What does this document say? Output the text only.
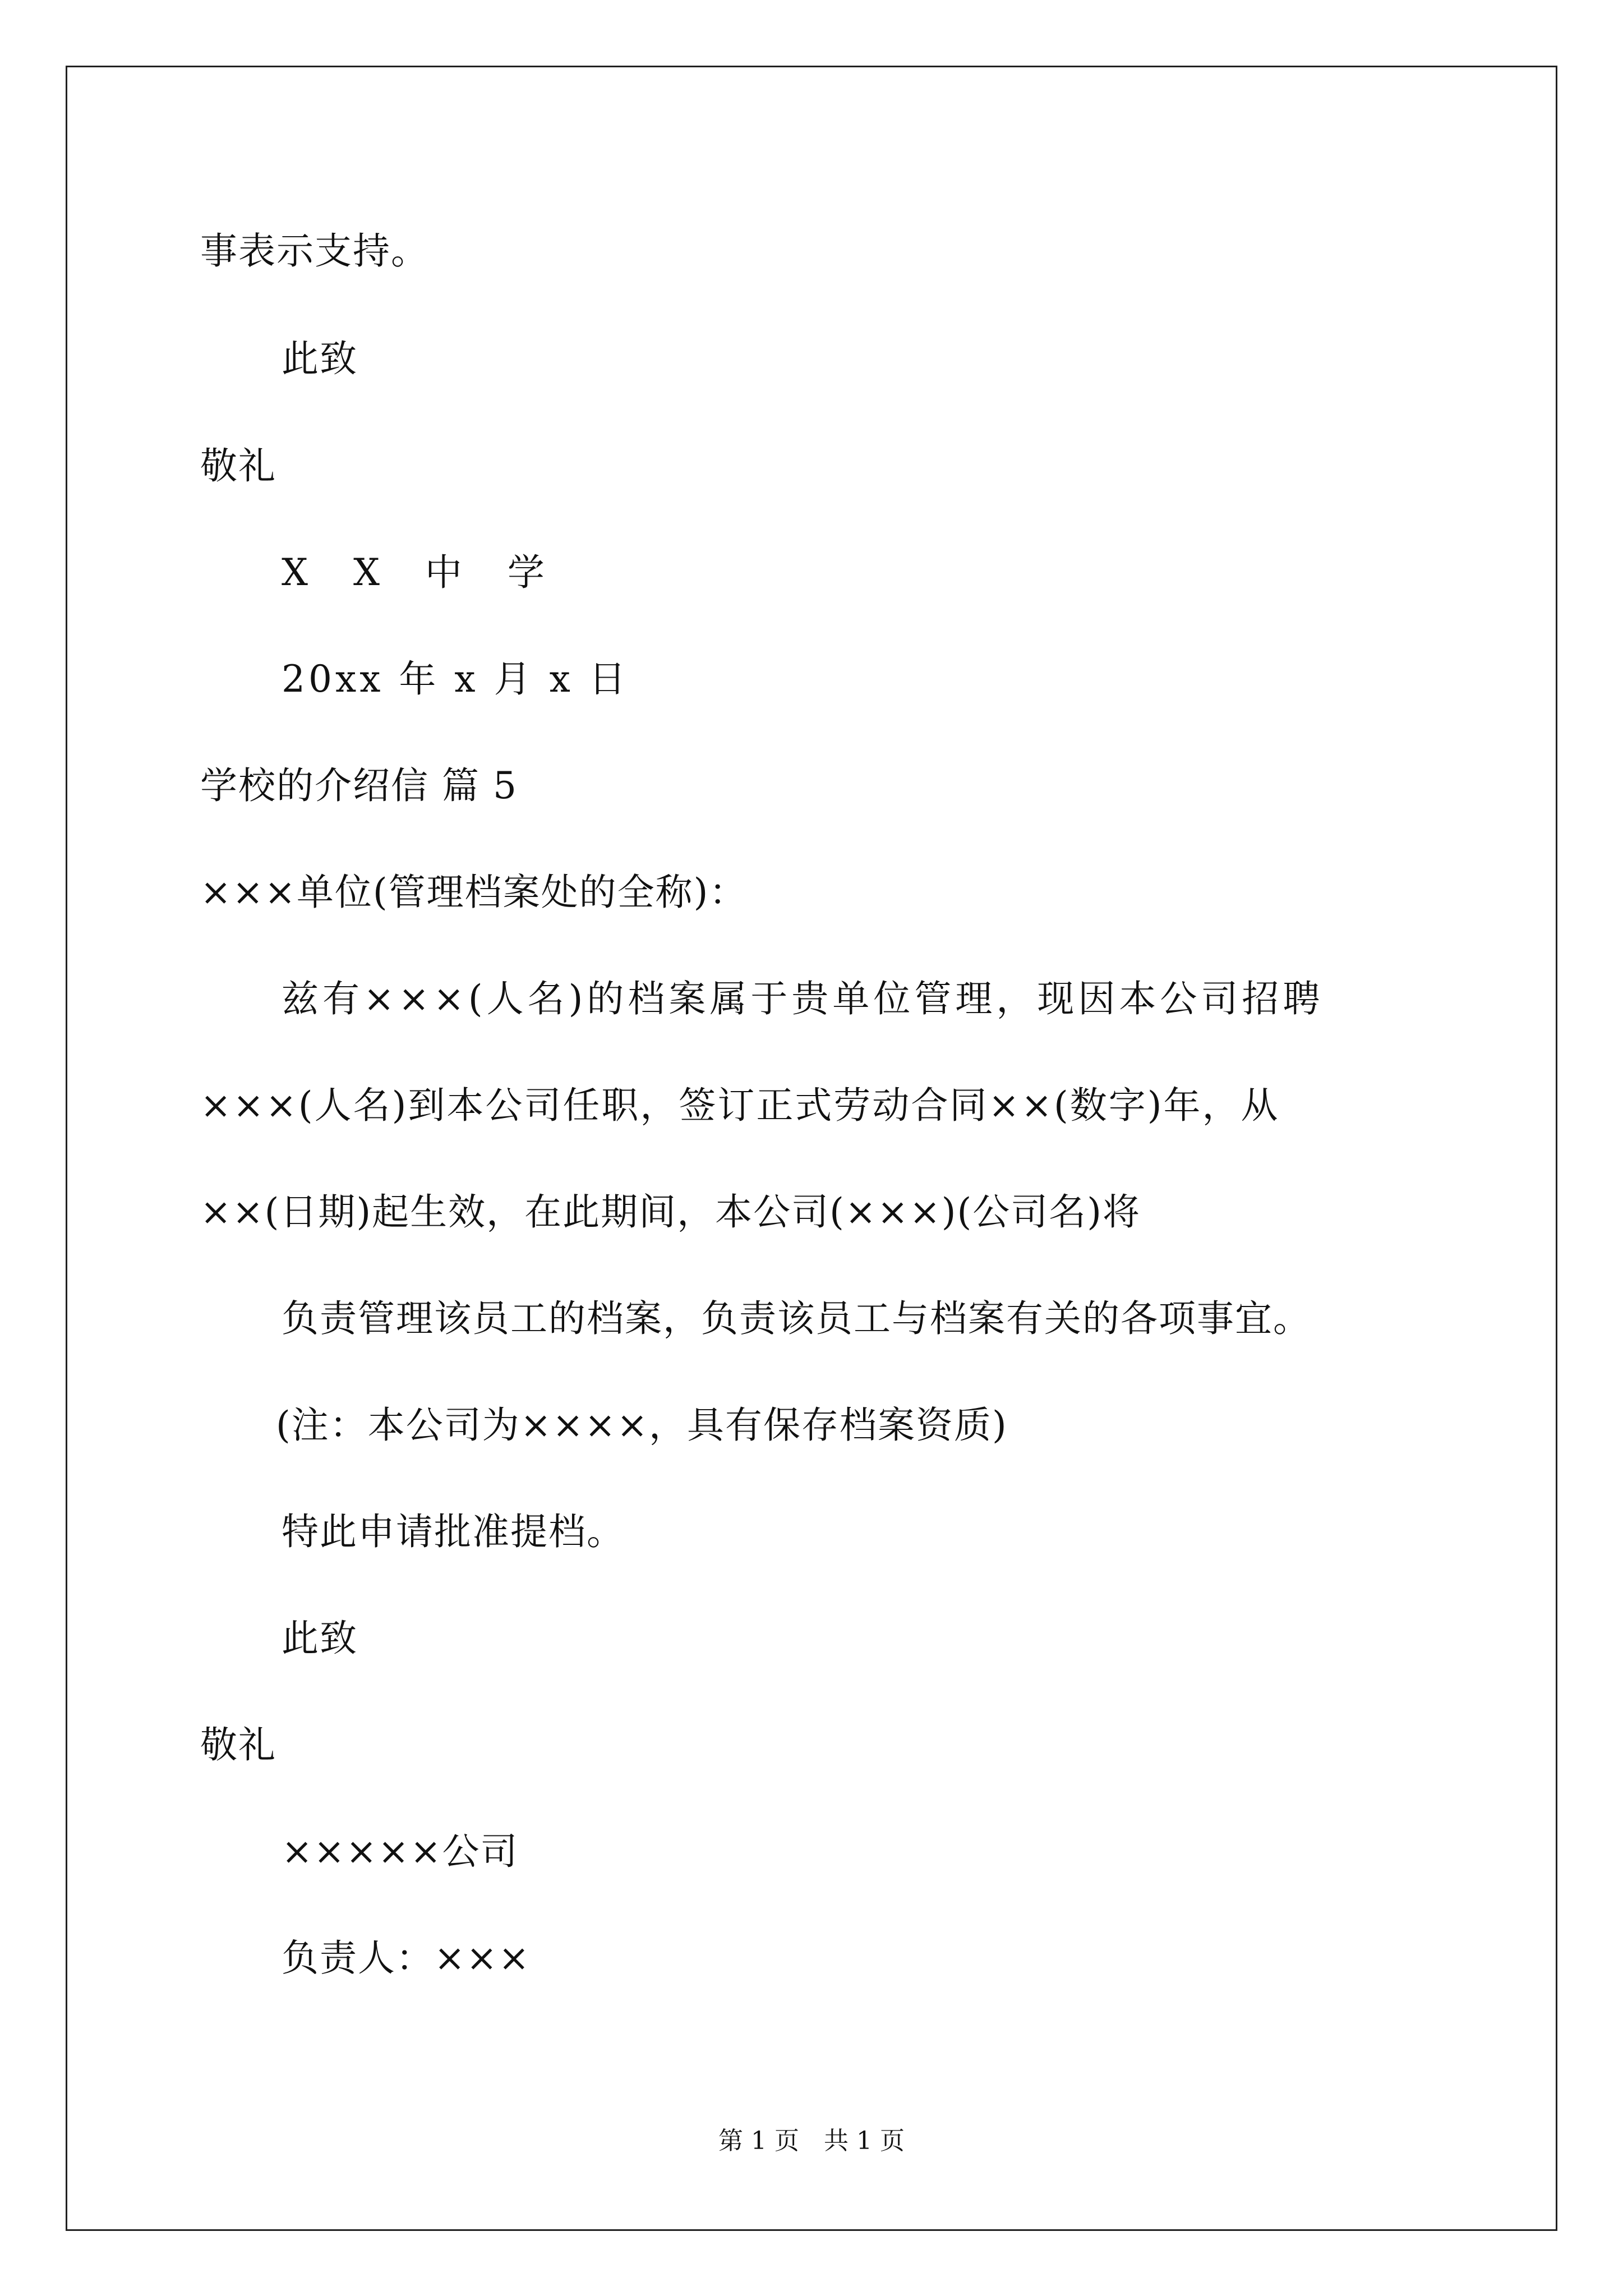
事表示支持。
此致
敬礼
X X 中 学
20xx 年 x 月 x 日
学校的介绍信 篇 5
×××单位(管理档案处的全称)：
兹有×××(人名)的档案属于贵单位管理，现因本公司招聘
×××(人名)到本公司任职，签订正式劳动合同××(数字)年，从
××(日期)起生效，在此期间，本公司(×××)(公司名)将
负责管理该员工的档案，负责该员工与档案有关的各项事宜。
(注：本公司为××××，具有保存档案资质)
特此申请批准提档。
此致
敬礼
×××××公司
负责人：×××
第 1 页　共 1 页
